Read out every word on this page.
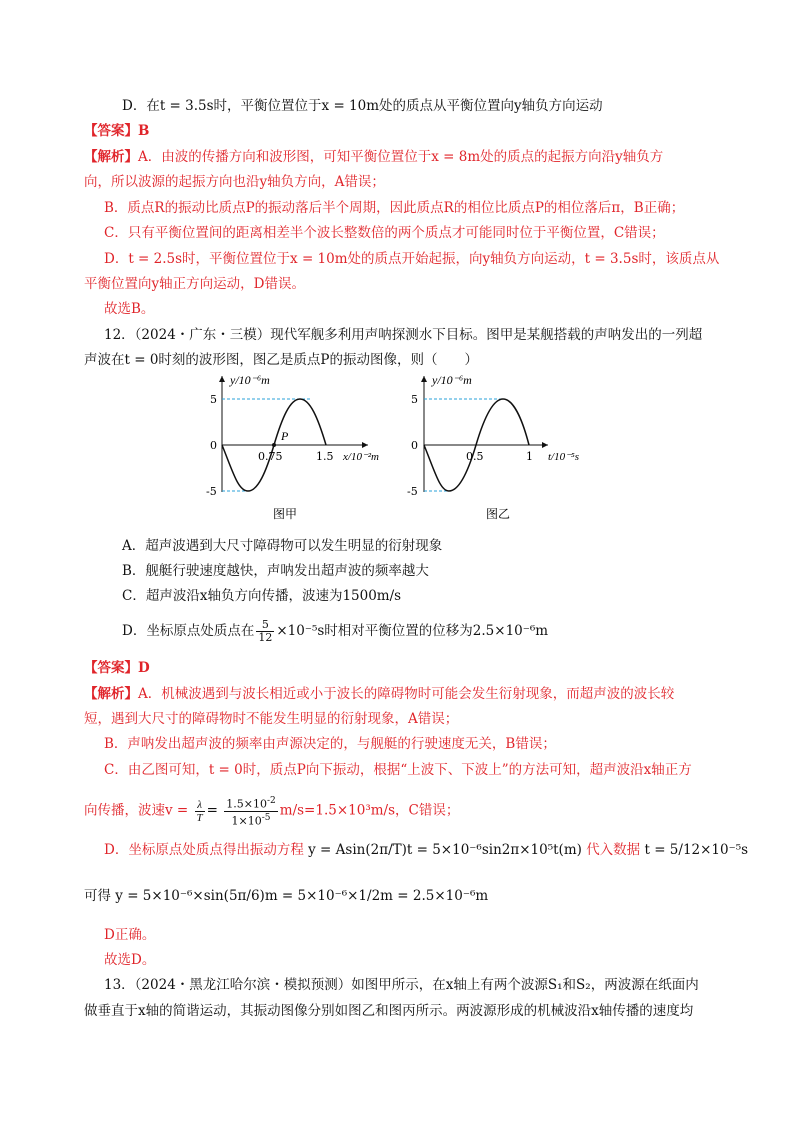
D．在t = 3.5s时，平衡位置位于x = 10m处的质点从平衡位置向y轴负方向运动
【答案】B
【解析】A．由波的传播方向和波形图，可知平衡位置位于x = 8m处的质点的起振方向沿y轴负方
向，所以波源的起振方向也沿y轴负方向，A错误；
B．质点R的振动比质点P的振动落后半个周期，因此质点R的相位比质点P的相位落后π，B正确；
C．只有平衡位置间的距离相差半个波长整数倍的两个质点才可能同时位于平衡位置，C错误；
D．t = 2.5s时，平衡位置位于x = 10m处的质点开始起振，向y轴负方向运动，t = 3.5s时，该质点从
平衡位置向y轴正方向运动，D错误。
故选B。
12．（2024・广东・三模）现代军舰多利用声呐探测水下目标。图甲是某舰搭载的声呐发出的一列超
声波在t = 0时刻的波形图，图乙是质点P的振动图像，则（　　）
P
y/10⁻⁶m
5
0
-5
0.75	1.5 x/10⁻²m
图甲
y/10⁻⁶m
5
0
-5
0.5	1 t/10⁻⁵s
图乙
A．超声波遇到大尺寸障碍物可以发生明显的衍射现象
B．舰艇行驶速度越快，声呐发出超声波的频率越大
C．超声波沿x轴负方向传播，波速为1500m/s
D．坐标原点处质点在 $\frac{5}{12} \times 10^{-5}s$时相对平衡位置的位移为2.5×10⁻⁶m
【答案】D
【解析】A．机械波遇到与波长相近或小于波长的障碍物时可能会发生衍射现象，而超声波的波长较
短，遇到大尺寸的障碍物时不能发生明显的衍射现象，A错误；
B．声呐发出超声波的频率由声源决定的，与舰艇的行驶速度无关，B错误；
C．由乙图可知，t = 0时，质点P向下振动，根据“上波下、下波上”的方法可知，超声波沿x轴正方
向传播，波速$v = \frac{\lambda}{T} = \frac{1.5\times 10^{-2}}{1\times 10^{-5}} m/s=1.5\times 10^3m/s$，C错误；
D．坐标原点处质点得出振动方程 y = Asin(2π/T)t = 5×10⁻⁶sin2π×10⁵t(m) 代入数据 t = 5/12×10⁻⁵s
可得 y = 5×10⁻⁶×sin(5π/6)m = 5×10⁻⁶×1/2m = 2.5×10⁻⁶m
D正确。
故选D。
13．（2024・黑龙江哈尔滨・模拟预测）如图甲所示，在x轴上有两个波源S₁和S₂，两波源在纸面内
做垂直于x轴的简谐运动，其振动图像分别如图乙和图丙所示。两波源形成的机械波沿x轴传播的速度均
